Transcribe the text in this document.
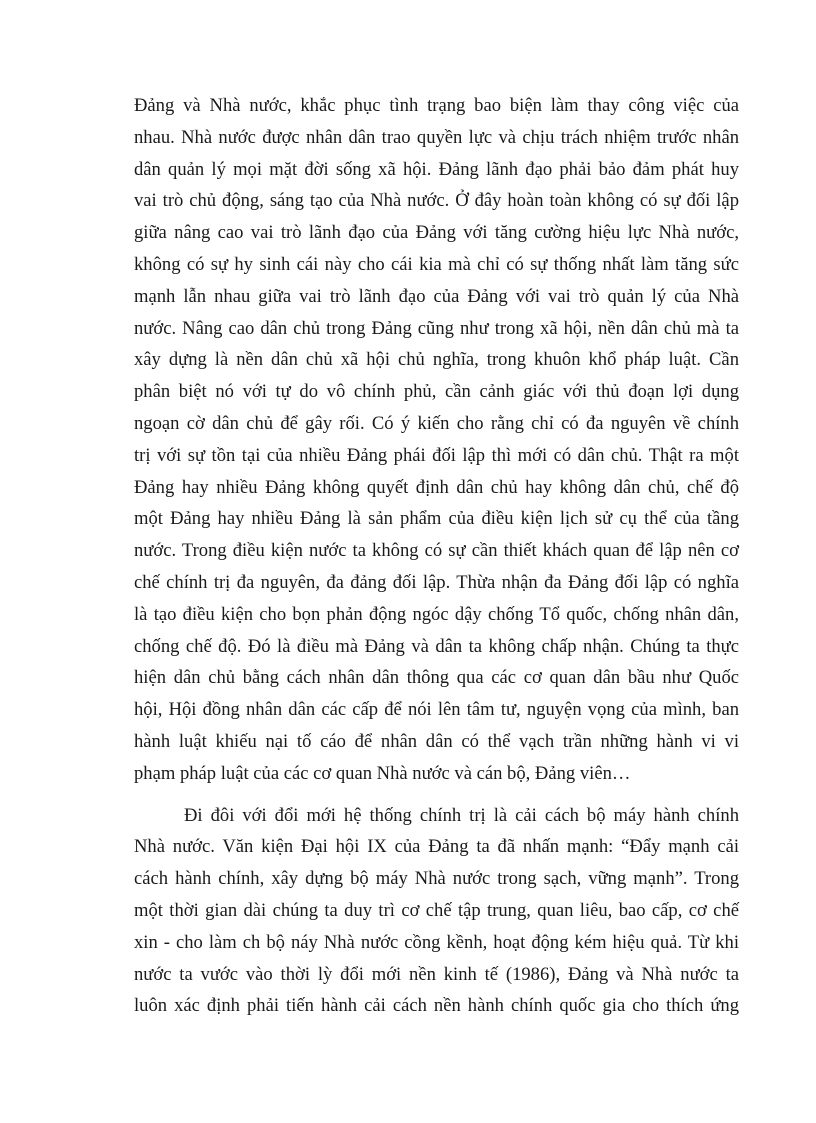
Đảng và Nhà nước, khắc phục tình trạng bao biện làm thay công việc của
nhau. Nhà nước được nhân dân trao quyền lực và chịu trách nhiệm trước nhân
dân quản lý mọi mặt đời sống xã hội. Đảng lãnh đạo phải bảo đảm phát huy
vai trò chủ động, sáng tạo của Nhà nước. Ở đây hoàn toàn không có sự đối lập
giữa nâng cao vai trò lãnh đạo của Đảng với tăng cường hiệu lực Nhà nước,
không có sự hy sinh cái này cho cái kia mà chỉ có sự thống nhất làm tăng sức
mạnh lẫn nhau giữa vai trò lãnh đạo của Đảng với vai trò quản lý của Nhà
nước. Nâng cao dân chủ trong Đảng cũng như trong xã hội, nền dân chủ mà ta
xây dựng là nền dân chủ xã hội chủ nghĩa, trong khuôn khổ pháp luật. Cần
phân biệt nó với tự do vô chính phủ, cần cảnh giác với thủ đoạn lợi dụng
ngoạn cờ dân chủ để gây rối. Có ý kiến cho rằng chỉ có đa nguyên về chính
trị với sự tồn tại của nhiều Đảng phái đối lập thì mới có dân chủ. Thật ra một
Đảng hay nhiều Đảng không quyết định dân chủ hay không dân chủ, chế độ
một Đảng hay nhiều Đảng là sản phẩm của điều kiện lịch sử cụ thể của tầng
nước. Trong điều kiện nước ta không có sự cần thiết khách quan để lập nên cơ
chế chính trị đa nguyên, đa đảng đối lập. Thừa nhận đa Đảng đối lập có nghĩa
là tạo điều kiện cho bọn phản động ngóc dậy chống Tổ quốc, chống nhân dân,
chống chế độ. Đó là điều mà Đảng và dân ta không chấp nhận. Chúng ta thực
hiện dân chủ bằng cách nhân dân thông qua các cơ quan dân bầu như Quốc
hội, Hội đồng nhân dân các cấp để nói lên tâm tư, nguyện vọng của mình, ban
hành luật khiếu nại tố cáo để nhân dân có thể vạch trần những hành vi vi
phạm pháp luật của các cơ quan Nhà nước và cán bộ, Đảng viên…
Đi đôi với đổi mới hệ thống chính trị là cải cách bộ máy hành chính
Nhà nước. Văn kiện Đại hội IX của Đảng ta đã nhấn mạnh: “Đẩy mạnh cải
cách hành chính, xây dựng bộ máy Nhà nước trong sạch, vững mạnh”. Trong
một thời gian dài chúng ta duy trì cơ chế tập trung, quan liêu, bao cấp, cơ chế
xin - cho làm ch bộ náy Nhà nước cồng kềnh, hoạt động kém hiệu quả. Từ khi
nước ta vước vào thời lỳ đổi mới nền kinh tế (1986), Đảng và Nhà nước ta
luôn xác định phải tiến hành cải cách nền hành chính quốc gia cho thích ứng
